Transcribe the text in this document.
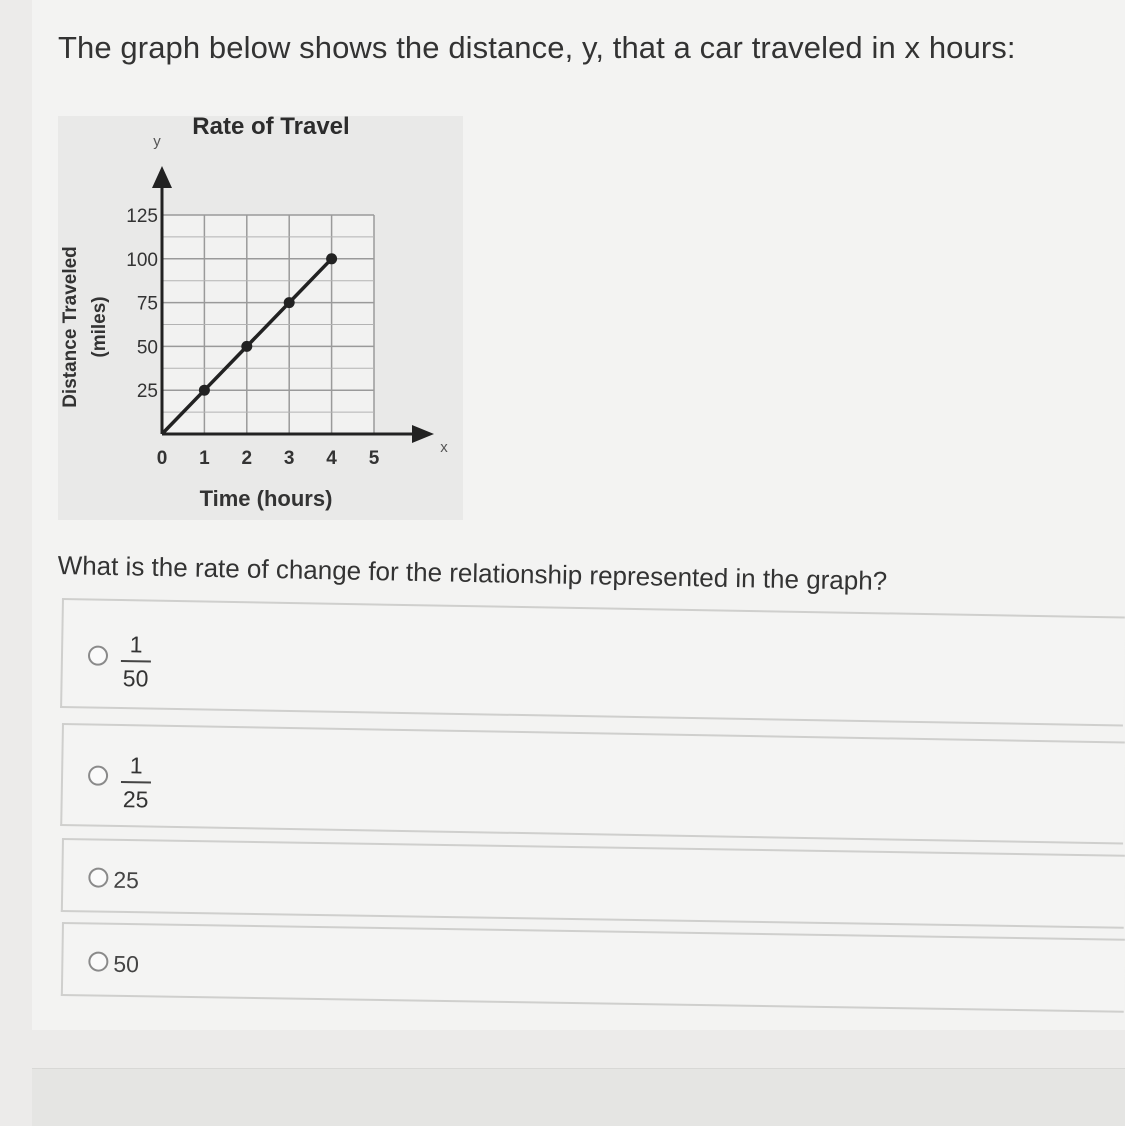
The graph below shows the distance, y, that a car traveled in x hours:
Rate of Travel
y
x
Distance Traveled (miles)
Time (hours)
0 1 2 3 4 5
25
50
75
100
125
What is the rate of change for the relationship represented in the graph?
1
50
1
25
25
50
